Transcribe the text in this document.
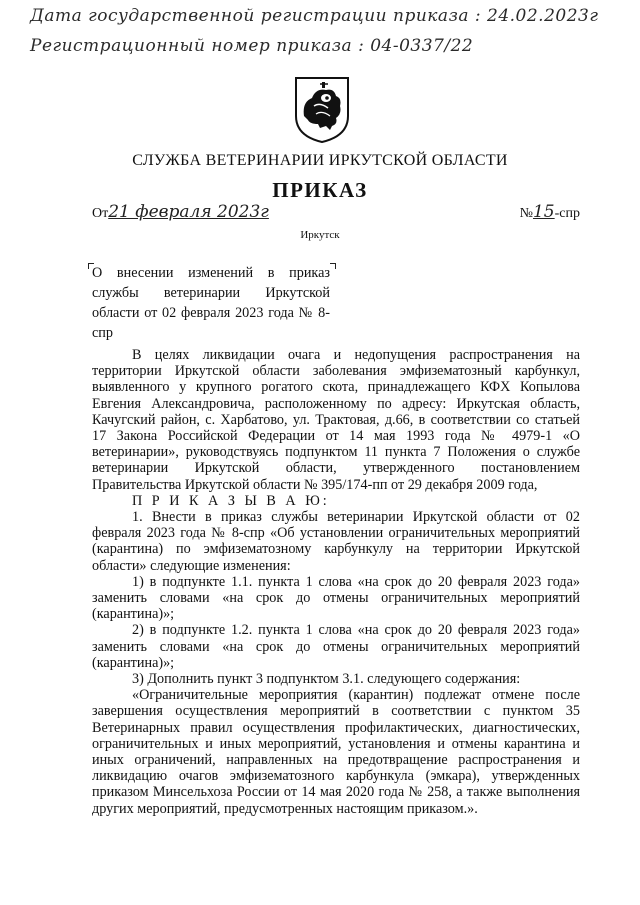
Дата государственной регистрации приказа : 24.02.2023г
Регистрационный номер приказа : 04-0337/22
СЛУЖБА ВЕТЕРИНАРИИ ИРКУТСКОЙ ОБЛАСТИ
ПРИКАЗ
От21 февраля 2023г	№15-спр
Иркутск
О внесении изменений в приказ службы ветеринарии Иркутской области от 02 февраля 2023 года № 8-спр

В целях ликвидации очага и недопущения распространения на территории Иркутской области заболевания эмфизематозный карбункул, выявленного у крупного рогатого скота, принадлежащего КФХ Копылова Евгения Александровича, расположенному по адресу: Иркутская область, Качугский район, с. Харбатово, ул. Трактовая, д.66, в соответствии со статьей 17 Закона Российской Федерации от 14 мая 1993 года № 4979-1 «О ветеринарии», руководствуясь подпунктом 11 пункта 7 Положения о службе ветеринарии Иркутской области, утвержденного постановлением Правительства Иркутской области № 395/174-пп от 29 декабря 2009 года,

П Р И К А З Ы В А Ю:

1. Внести в приказ службы ветеринарии Иркутской области от 02 февраля 2023 года № 8-спр «Об установлении ограничительных мероприятий (карантина) по эмфизематозному карбункулу на территории Иркутской области» следующие изменения:

1) в подпункте 1.1. пункта 1 слова «на срок до 20 февраля 2023 года» заменить словами «на срок до отмены ограничительных мероприятий (карантина)»;

2) в подпункте 1.2. пункта 1 слова «на срок до 20 февраля 2023 года» заменить словами «на срок до отмены ограничительных мероприятий (карантина)»;

3) Дополнить пункт 3 подпунктом 3.1. следующего содержания:

«Ограничительные мероприятия (карантин) подлежат отмене после завершения осуществления мероприятий в соответствии с пунктом 35 Ветеринарных правил осуществления профилактических, диагностических, ограничительных и иных мероприятий, установления и отмены карантина и иных ограничений, направленных на предотвращение распространения и ликвидацию очагов эмфизематозного карбункула (эмкара), утвержденных приказом Минсельхоза России от 14 мая 2020 года № 258, а также выполнения других мероприятий, предусмотренных настоящим приказом.».
